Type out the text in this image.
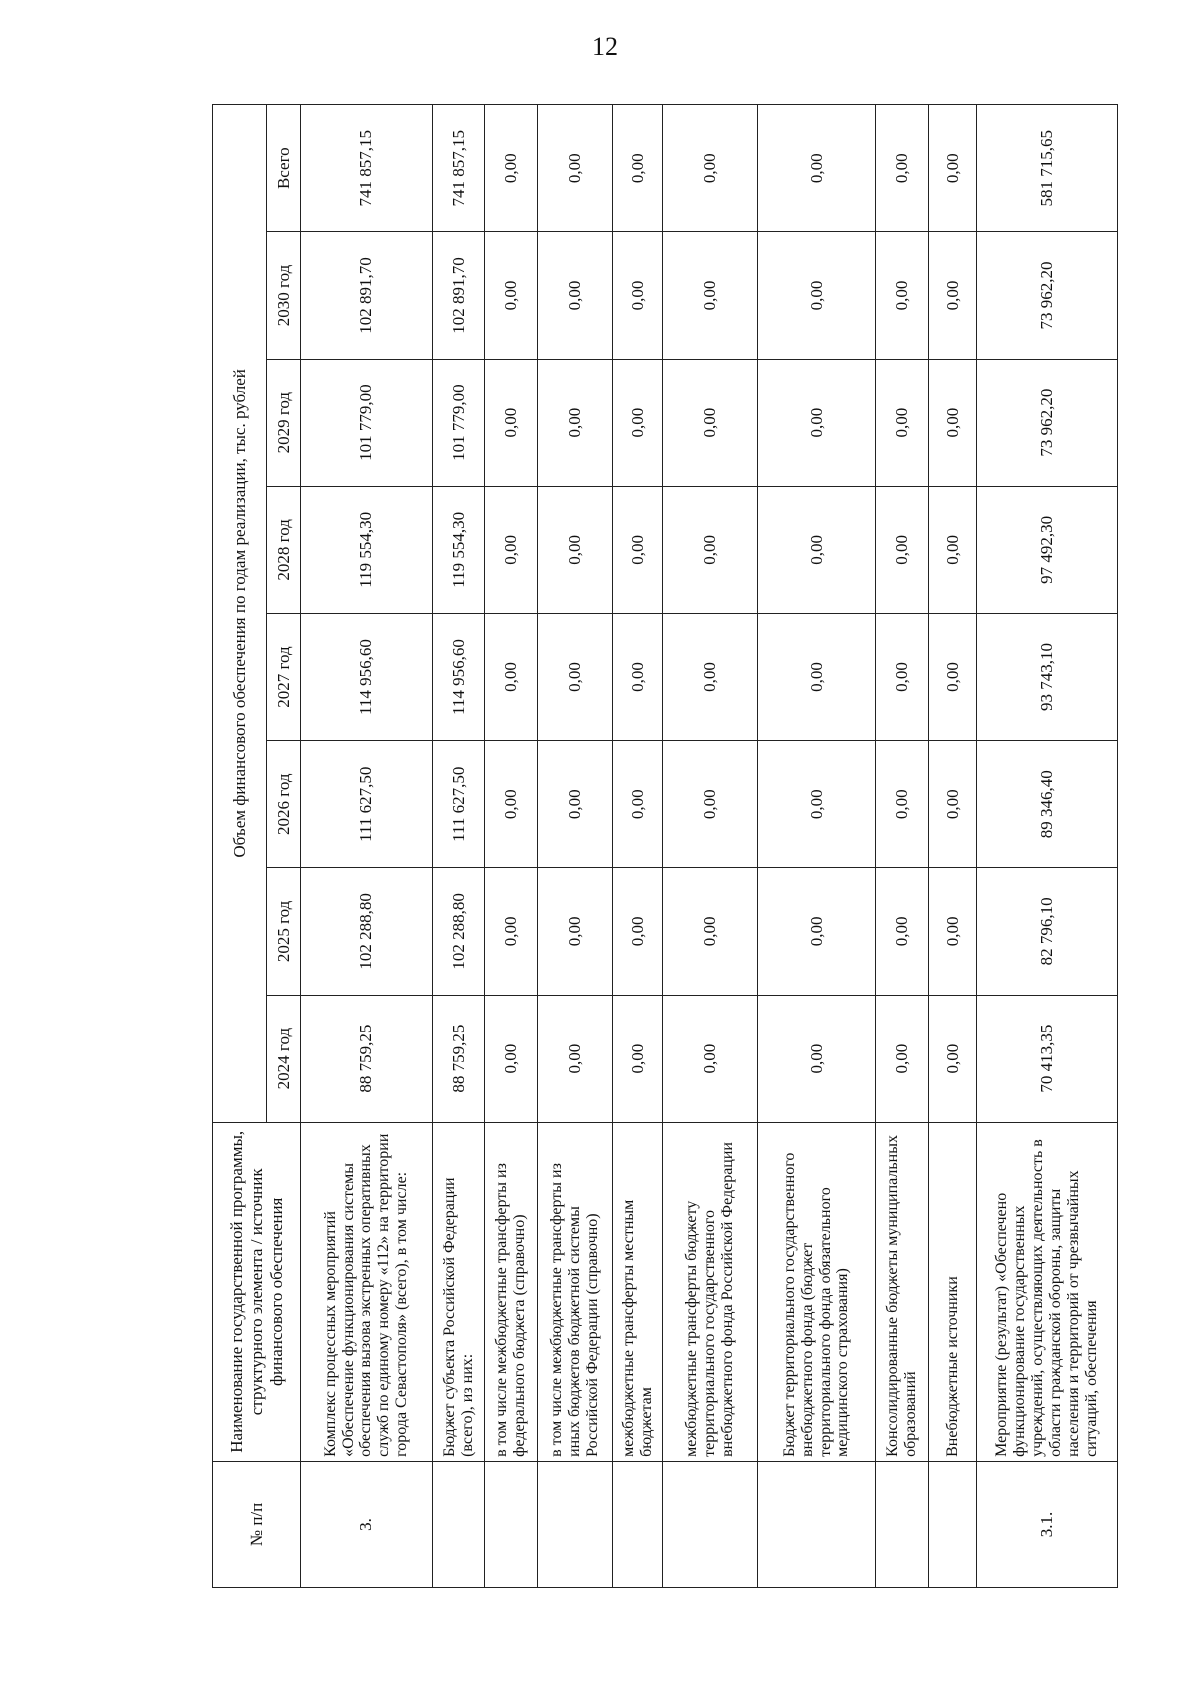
12
№ п/п	Наименование государственной программы, структурного элемента / источник финансового обеспечения	Объем финансового обеспечения по годам реализации, тыс. рублей							
		2024 год	2025 год	2026 год	2027 год	2028 год	2029 год	2030 год	Всего
3.	Комплекс процессных мероприятий «Обеспечение функционирования системы обеспечения вызова экстренных оперативных служб по единому номеру «112» на территории города Севастополя» (всего), в том числе:	88 759,25	102 288,80	111 627,50	114 956,60	119 554,30	101 779,00	102 891,70	741 857,15
	Бюджет субъекта Российской Федерации (всего), из них:	88 759,25	102 288,80	111 627,50	114 956,60	119 554,30	101 779,00	102 891,70	741 857,15
	в том числе межбюджетные трансферты из федерального бюджета (справочно)	0,00	0,00	0,00	0,00	0,00	0,00	0,00	0,00
	в том числе межбюджетные трансферты из иных бюджетов бюджетной системы Российской Федерации (справочно)	0,00	0,00	0,00	0,00	0,00	0,00	0,00	0,00
	межбюджетные трансферты местным бюджетам	0,00	0,00	0,00	0,00	0,00	0,00	0,00	0,00
	межбюджетные трансферты бюджету территориального государственного внебюджетного фонда Российской Федерации	0,00	0,00	0,00	0,00	0,00	0,00	0,00	0,00
	Бюджет территориального государственного внебюджетного фонда (бюджет территориального фонда обязательного медицинского страхования)	0,00	0,00	0,00	0,00	0,00	0,00	0,00	0,00
	Консолидированные бюджеты муниципальных образований	0,00	0,00	0,00	0,00	0,00	0,00	0,00	0,00
	Внебюджетные источники	0,00	0,00	0,00	0,00	0,00	0,00	0,00	0,00
3.1.	Мероприятие (результат) «Обеспечено функционирование государственных учреждений, осуществляющих деятельность в области гражданской обороны, защиты населения и территорий от чрезвычайных ситуаций, обеспечения	70 413,35	82 796,10	89 346,40	93 743,10	97 492,30	73 962,20	73 962,20	581 715,65
